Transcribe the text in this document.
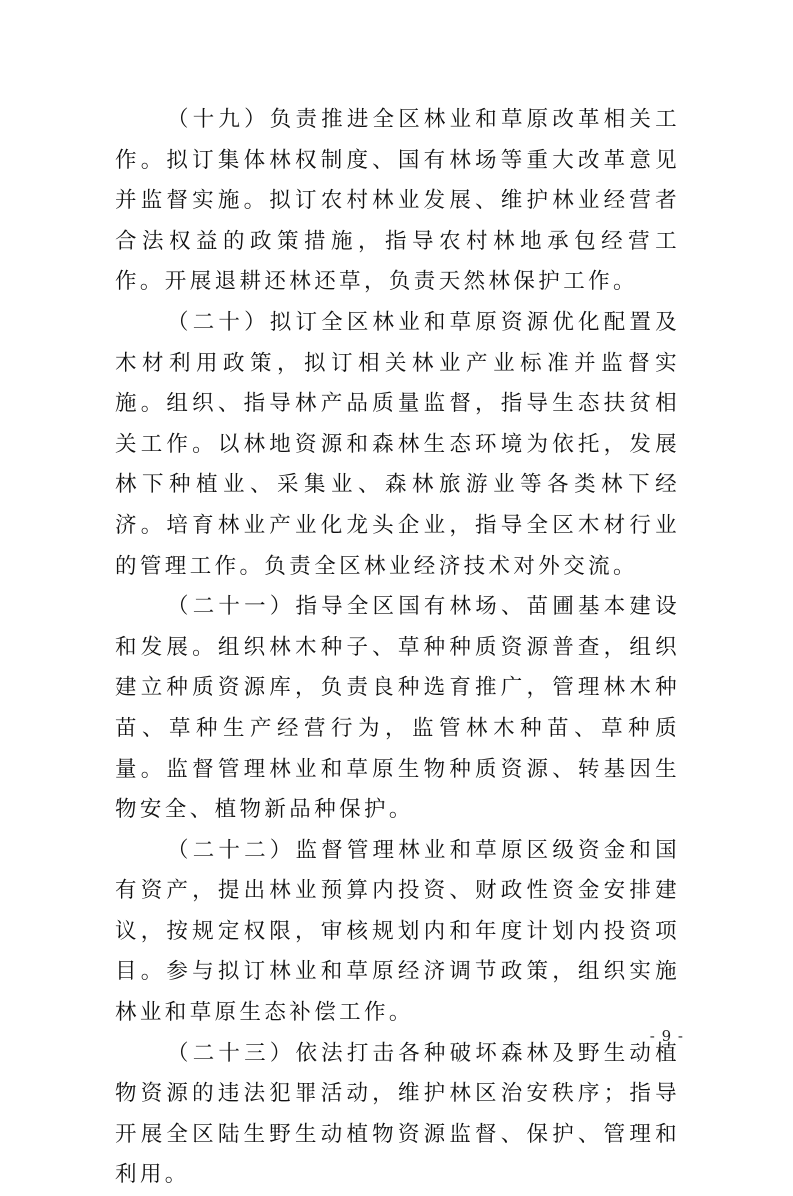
（十九）负责推进全区林业和草原改革相关工作。拟订集体林权制度、国有林场等重大改革意见并监督实施。拟订农村林业发展、维护林业经营者合法权益的政策措施，指导农村林地承包经营工作。开展退耕还林还草，负责天然林保护工作。

（二十）拟订全区林业和草原资源优化配置及木材利用政策，拟订相关林业产业标准并监督实施。组织、指导林产品质量监督，指导生态扶贫相关工作。以林地资源和森林生态环境为依托，发展林下种植业、采集业、森林旅游业等各类林下经济。培育林业产业化龙头企业，指导全区木材行业的管理工作。负责全区林业经济技术对外交流。

（二十一）指导全区国有林场、苗圃基本建设和发展。组织林木种子、草种种质资源普查，组织建立种质资源库，负责良种选育推广，管理林木种苗、草种生产经营行为，监管林木种苗、草种质量。监督管理林业和草原生物种质资源、转基因生物安全、植物新品种保护。

（二十二）监督管理林业和草原区级资金和国有资产，提出林业预算内投资、财政性资金安排建议，按规定权限，审核规划内和年度计划内投资项目。参与拟订林业和草原经济调节政策，组织实施林业和草原生态补偿工作。

（二十三）依法打击各种破坏森林及野生动植物资源的违法犯罪活动，维护林区治安秩序；指导开展全区陆生野生动植物资源监督、保护、管理和利用。

- 9 -
